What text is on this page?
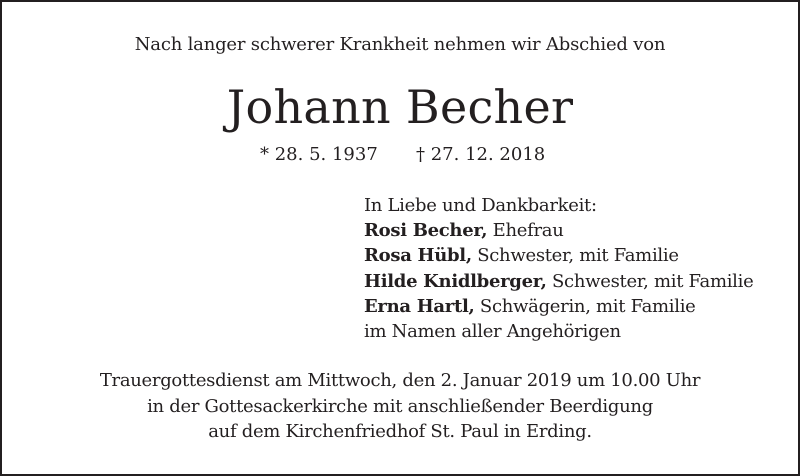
Nach langer schwerer Krankheit nehmen wir Abschied von
Johann Becher
* 28. 5. 1937 † 27. 12. 2018
In Liebe und Dankbarkeit:
Rosi Becher, Ehefrau
Rosa Hübl, Schwester, mit Familie
Hilde Knidlberger, Schwester, mit Familie
Erna Hartl, Schwägerin, mit Familie
im Namen aller Angehörigen
Trauergottesdienst am Mittwoch, den 2. Januar 2019 um 10.00 Uhr
in der Gottesackerkirche mit anschließender Beerdigung
auf dem Kirchenfriedhof St. Paul in Erding.
